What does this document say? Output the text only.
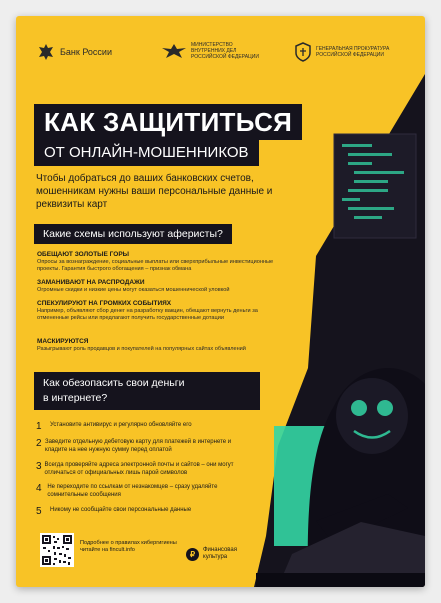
Банк России
МИНИСТЕРСТВО ВНУТРЕННИХ ДЕЛ РОССИЙСКОЙ ФЕДЕРАЦИИ
ГЕНЕРАЛЬНАЯ ПРОКУРАТУРА РОССИЙСКОЙ ФЕДЕРАЦИИ
КАК ЗАЩИТИТЬСЯ
ОТ ОНЛАЙН-МОШЕННИКОВ
Чтобы добраться до ваших банковских счетов, мошенникам нужны ваши персональные данные и реквизиты карт
Какие схемы используют аферисты?
ОБЕЩАЮТ ЗОЛОТЫЕ ГОРЫ
Опросы за вознаграждение, социальные выплаты или сверхприбыльные инвестиционные проекты. Гарантия быстрого обогащения – признак обмана
ЗАМАНИВАЮТ НА РАСПРОДАЖИ
Огромные скидки и низкие цены могут оказаться мошеннической уловкой
СПЕКУЛИРУЮТ НА ГРОМКИХ СОБЫТИЯХ
Например, объявляют сбор денег на разработку вакцин, обещают вернуть деньги за отмененные рейсы или предлагают получить государственные дотации
МАСКИРУЮТСЯ
Разыгрывают роль продавцов и покупателей на популярных сайтах объявлений
Как обезопасить свои деньги
в интернете?
1	Установите антивирус и регулярно обновляйте его
2 Заведите отдельную дебетовую карту для платежей в интернете и кладите на нее нужную сумму перед оплатой
3 Всегда проверяйте адреса электронной почты и сайтов – они могут отличаться от официальных лишь парой символов
4 Не переходите по ссылкам от незнакомцев – сразу удаляйте сомнительные сообщения
5	Никому не сообщайте свои персональные данные
Подробнее о правилах кибергигиены читайте на fincult.info	₽	Финансовая культура
